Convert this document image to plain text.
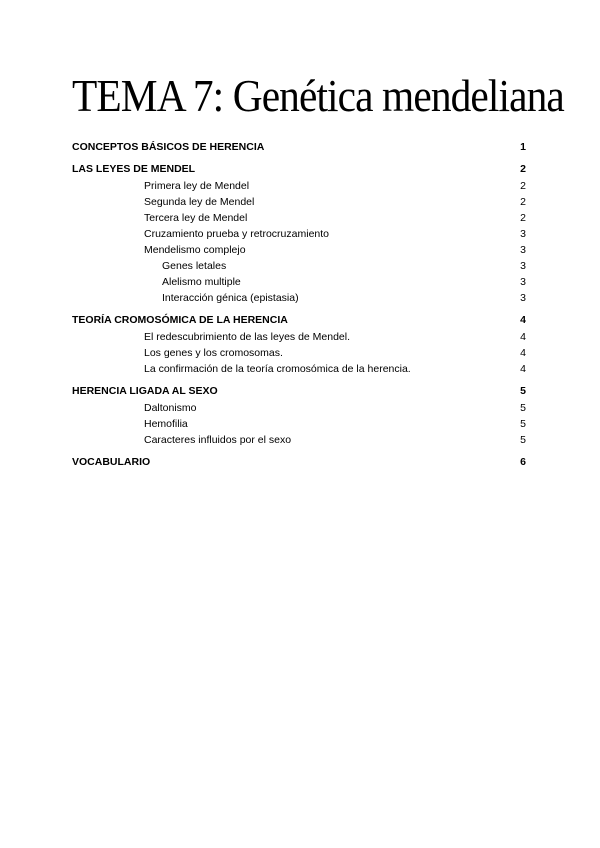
TEMA 7: Genética mendeliana
CONCEPTOS BÁSICOS DE HERENCIA	1
LAS LEYES DE MENDEL	2
Primera ley de Mendel	2
Segunda ley de Mendel	2
Tercera ley de Mendel	2
Cruzamiento prueba y retrocruzamiento	3
Mendelismo complejo	3
Genes letales	3
Alelismo multiple	3
Interacción génica (epistasia)	3
TEORÍA CROMOSÓMICA DE LA HERENCIA	4
El redescubrimiento de las leyes de Mendel.	4
Los genes y los cromosomas.	4
La confirmación de la teoría cromosómica de la herencia.	4
HERENCIA LIGADA AL SEXO	5
Daltonismo	5
Hemofilia	5
Caracteres influidos por el sexo	5
VOCABULARIO	6
